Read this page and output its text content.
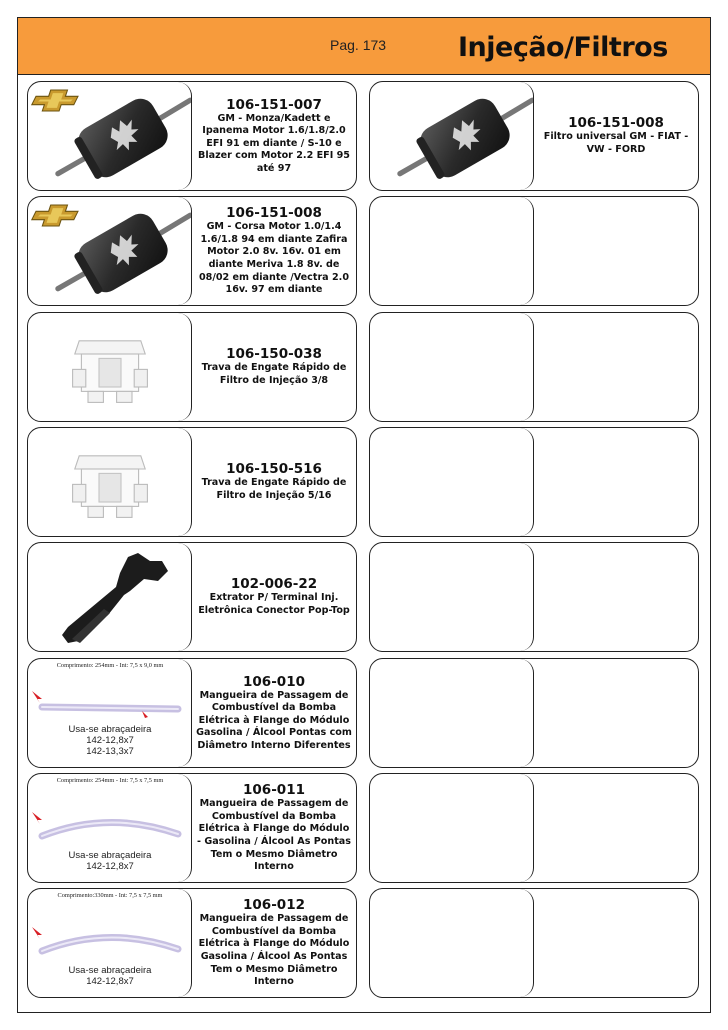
Pag. 173	Injeção/Filtros
106-151-007
GM - Monza/Kadett e Ipanema Motor 1.6/1.8/2.0 EFI 91 em diante / S-10 e Blazer com Motor 2.2 EFI 95 até 97
106-151-008
Filtro universal GM - FIAT - VW - FORD
106-151-008
GM - Corsa Motor 1.0/1.4 1.6/1.8 94 em diante Zafira Motor 2.0 8v. 16v. 01 em diante Meriva 1.8 8v. de 08/02 em diante /Vectra 2.0 16v. 97 em diante
106-150-038
Trava de Engate Rápido de Filtro de Injeção 3/8
106-150-516
Trava de Engate Rápido de Filtro de Injeção 5/16
102-006-22
Extrator P/ Terminal Inj. Eletrônica Conector Pop-Top
Comprimento: 254mm - Int: 7,5 x 9,0 mm
Usa-se abraçadeira
142-12,8x7
142-13,3x7
106-010
Mangueira de Passagem de Combustível da Bomba Elétrica à Flange do Módulo Gasolina / Álcool Pontas com Diâmetro Interno Diferentes
Comprimento: 254mm - Int: 7,5 x 7,5 mm
Usa-se abraçadeira
142-12,8x7
106-011
Mangueira de Passagem de Combustível da Bomba Elétrica à Flange do Módulo - Gasolina / Álcool As Pontas Tem o Mesmo Diâmetro Interno
Comprimento:330mm - Int: 7,5 x 7,5 mm
Usa-se abraçadeira
142-12,8x7
106-012
Mangueira de Passagem de Combustível da Bomba Elétrica à Flange do Módulo Gasolina / Álcool As Pontas Tem o Mesmo Diâmetro Interno
